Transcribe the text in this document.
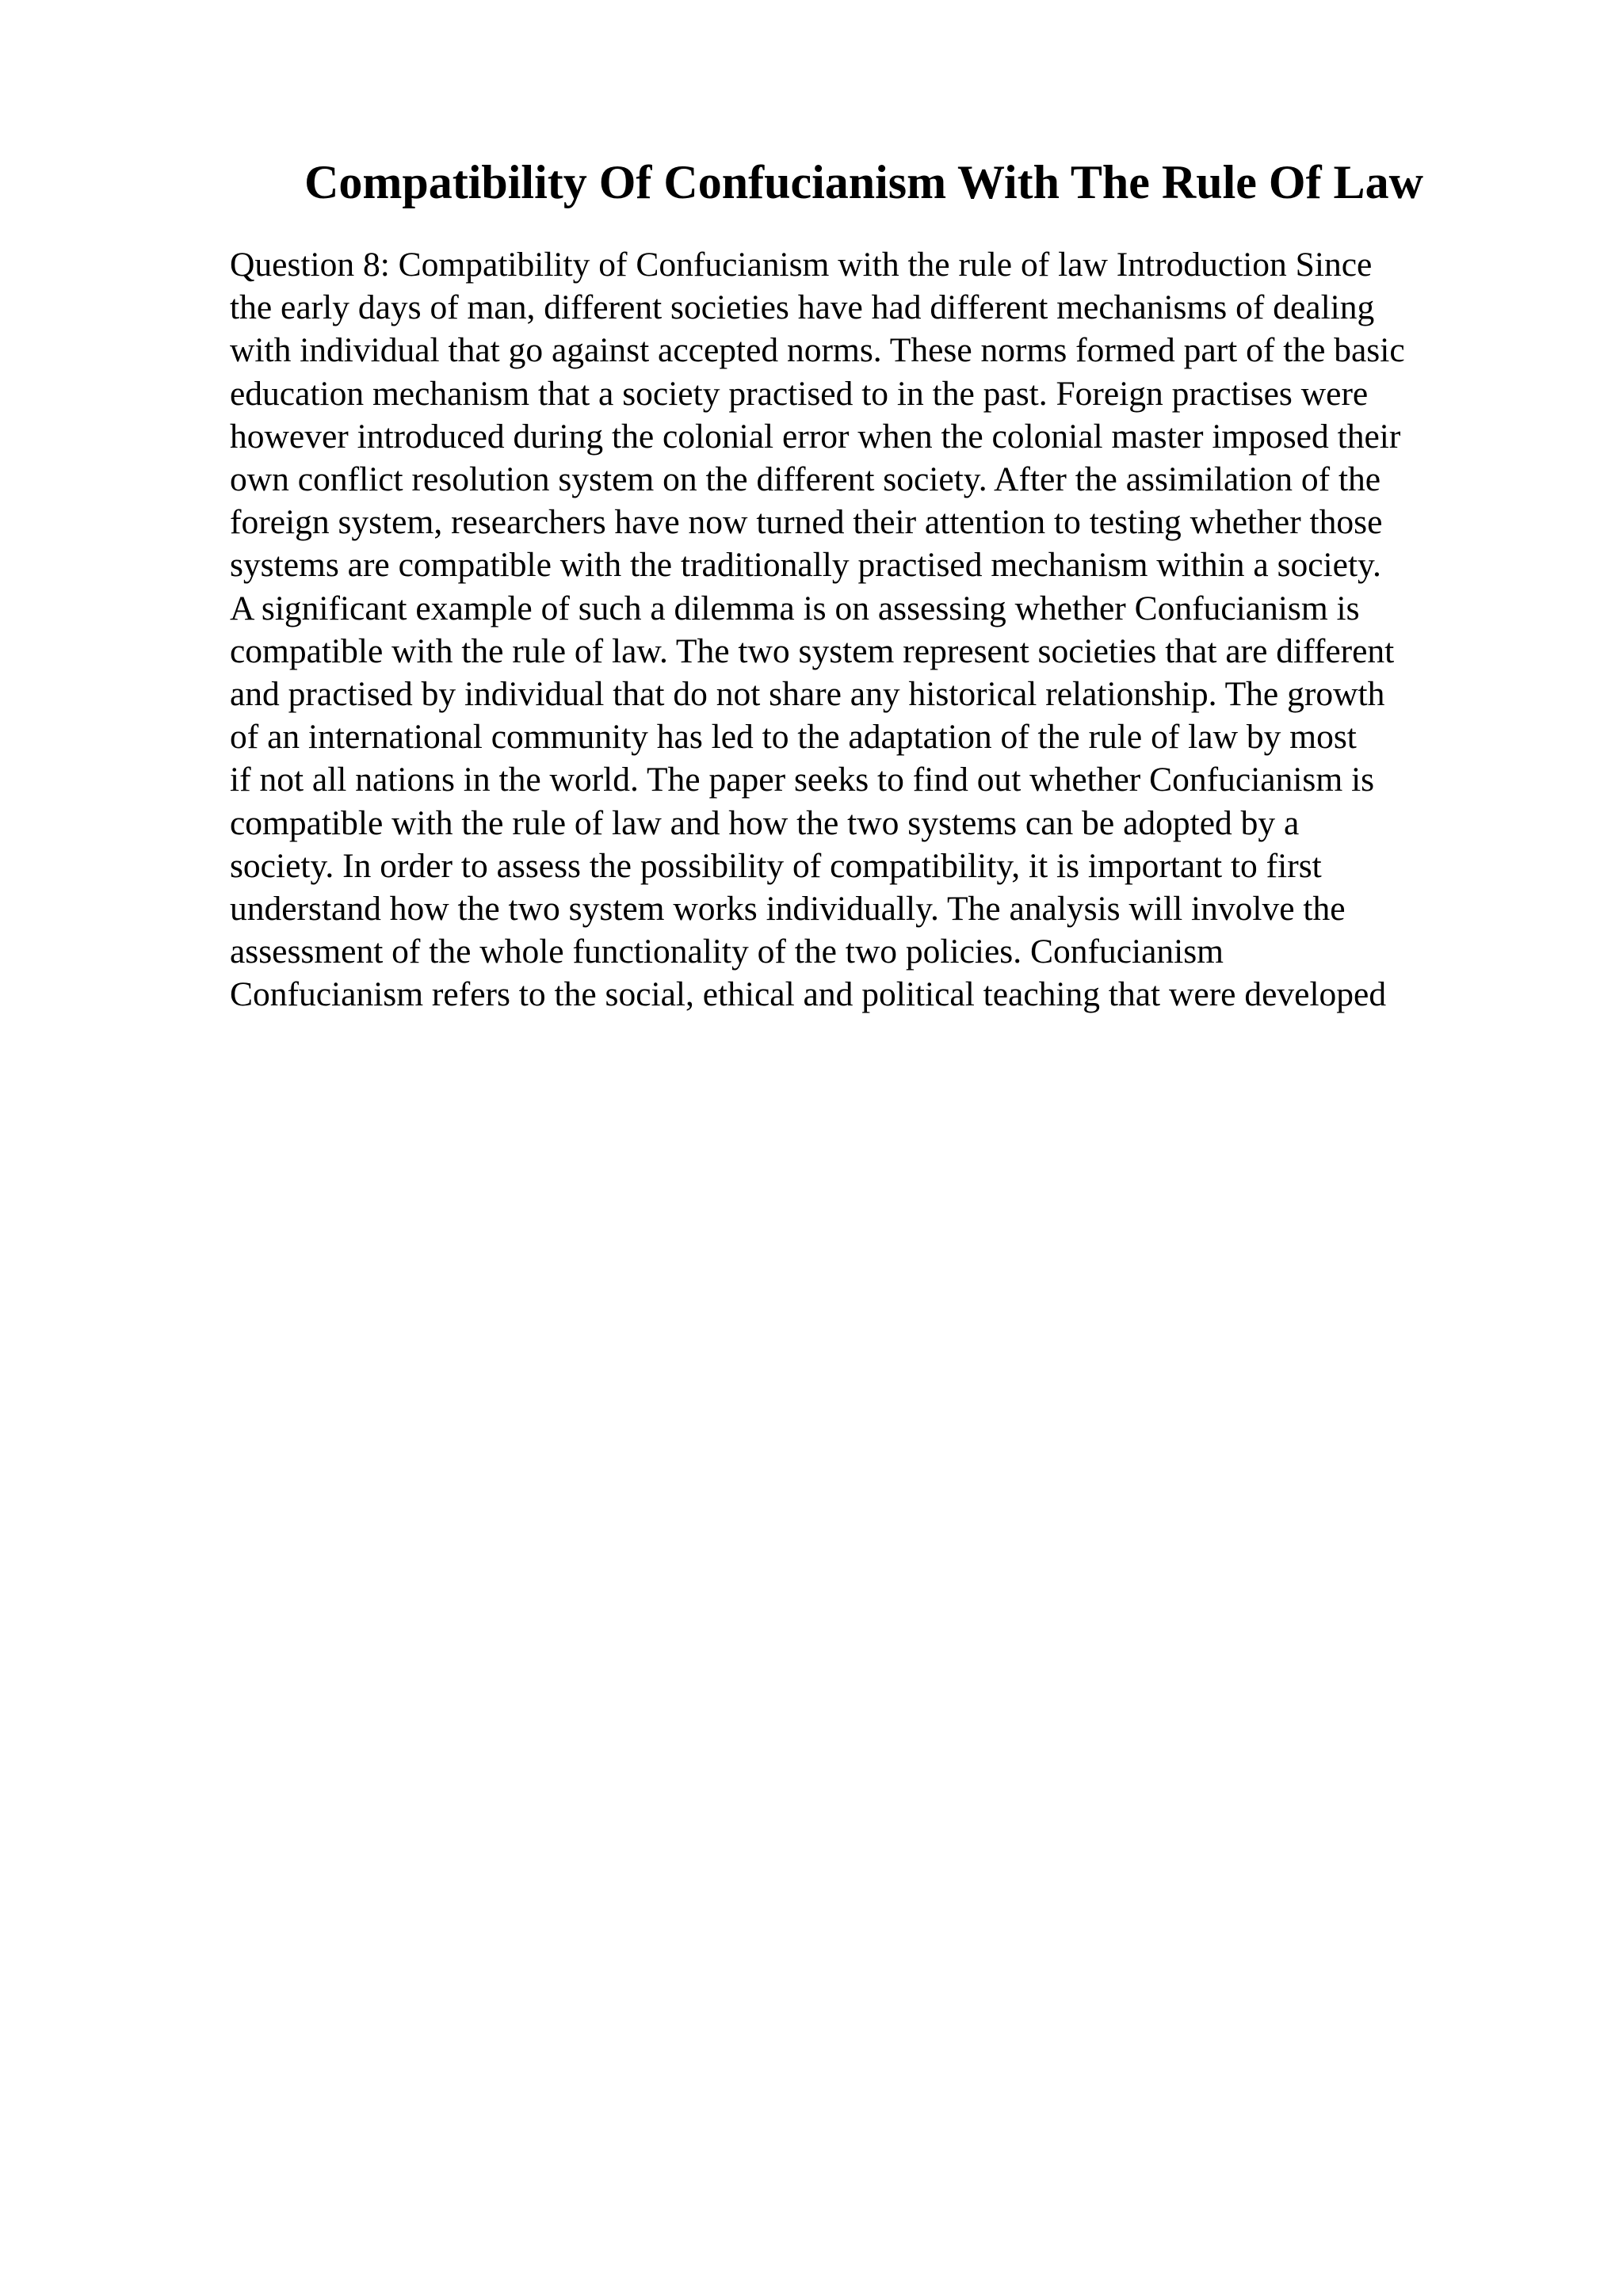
Compatibility Of Confucianism With The Rule Of Law
Question 8: Compatibility of Confucianism with the rule of law Introduction Since
the early days of man, different societies have had different mechanisms of dealing
with individual that go against accepted norms. These norms formed part of the basic
education mechanism that a society practised to in the past. Foreign practises were
however introduced during the colonial error when the colonial master imposed their
own conflict resolution system on the different society. After the assimilation of the
foreign system, researchers have now turned their attention to testing whether those
systems are compatible with the traditionally practised mechanism within a society.
A significant example of such a dilemma is on assessing whether Confucianism is
compatible with the rule of law. The two system represent societies that are different
and practised by individual that do not share any historical relationship. The growth
of an international community has led to the adaptation of the rule of law by most
if not all nations in the world. The paper seeks to find out whether Confucianism is
compatible with the rule of law and how the two systems can be adopted by a
society. In order to assess the possibility of compatibility, it is important to first
understand how the two system works individually. The analysis will involve the
assessment of the whole functionality of the two policies. Confucianism
Confucianism refers to the social, ethical and political teaching that were developed
